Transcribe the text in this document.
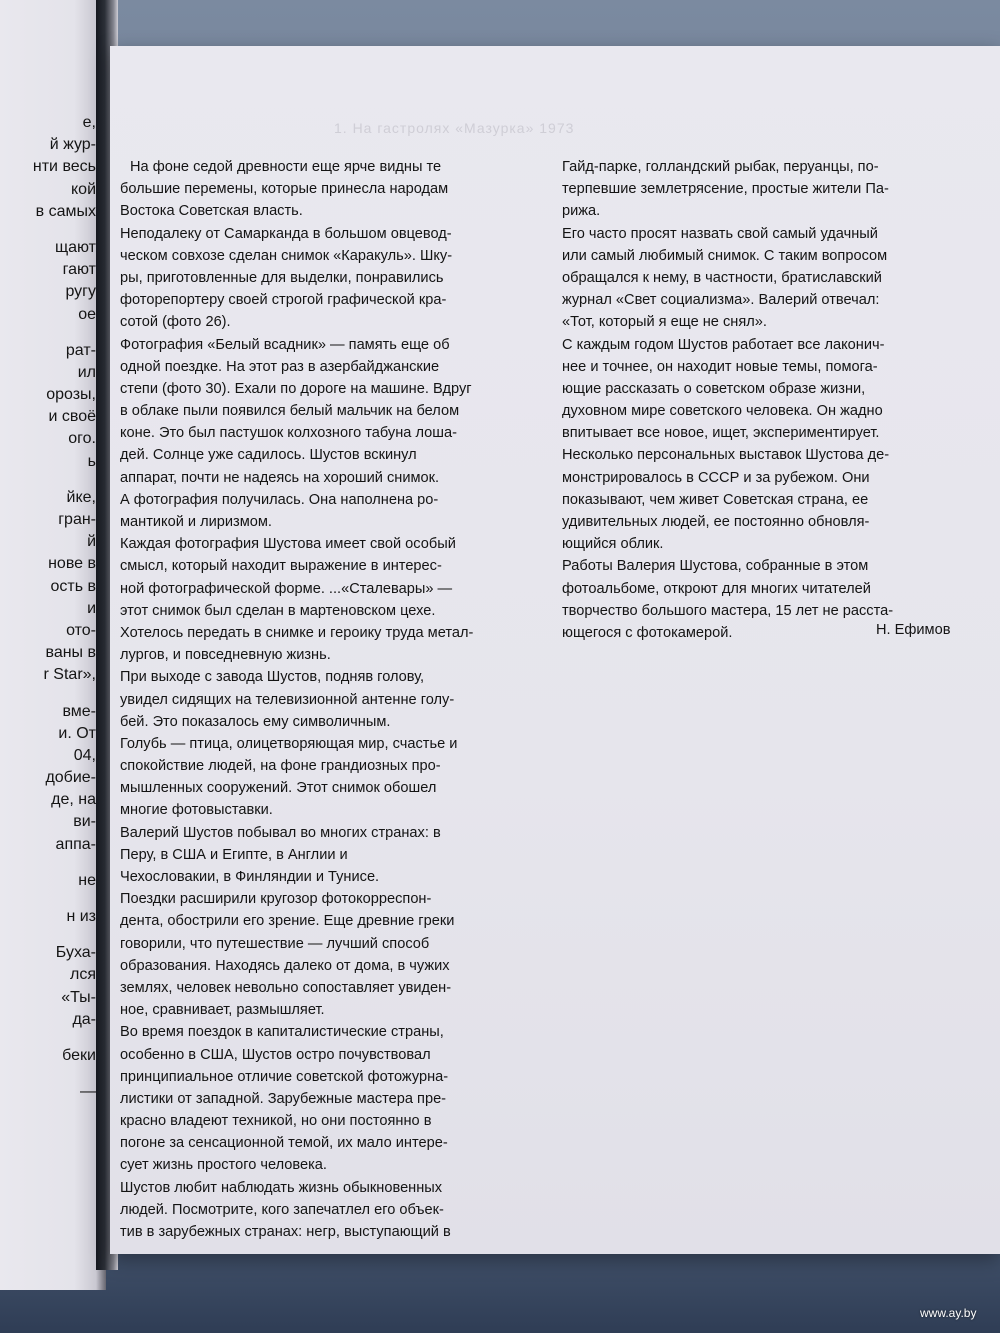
е,
й жур-
нти весь
кой
в самых
щают
гают
ругу
ое
рат-
ил
орозы,
и своё
ого.
ь
йке,
гран-
й
нове в
ость в
и
ото-
ваны в
r Star»,
вме-
и. От
04,
добие-
де, на
ви-
аппа-
не
н из
Буха-
лся
«Ты-
да-
беки
—
1. На гастролях «Мазурка» 1973
На фоне седой древности еще ярче видны те
большие перемены, которые принесла народам
Востока Советская власть.
Неподалеку от Самарканда в большом овцевод-
ческом совхозе сделан снимок «Каракуль». Шку-
ры, приготовленные для выделки, понравились
фоторепортеру своей строгой графической кра-
сотой (фото 26).
Фотография «Белый всадник» — память еще об
одной поездке. На этот раз в азербайджанские
степи (фото 30). Ехали по дороге на машине. Вдруг
в облаке пыли появился белый мальчик на белом
коне. Это был пастушок колхозного табуна лоша-
дей. Солнце уже садилось. Шустов вскинул
аппарат, почти не надеясь на хороший снимок.
А фотография получилась. Она наполнена ро-
мантикой и лиризмом.
Каждая фотография Шустова имеет свой особый
смысл, который находит выражение в интерес-
ной фотографической форме. ...«Сталевары» —
этот снимок был сделан в мартеновском цехе.
Хотелось передать в снимке и героику труда метал-
лургов, и повседневную жизнь.
При выходе с завода Шустов, подняв голову,
увидел сидящих на телевизионной антенне голу-
бей. Это показалось ему символичным.
Голубь — птица, олицетворяющая мир, счастье и
спокойствие людей, на фоне грандиозных про-
мышленных сооружений. Этот снимок обошел
многие фотовыставки.
Валерий Шустов побывал во многих странах: в
Перу, в США и Египте, в Англии и
Чехословакии, в Финляндии и Тунисе.
Поездки расширили кругозор фотокорреспон-
дента, обострили его зрение. Еще древние греки
говорили, что путешествие — лучший способ
образования. Находясь далеко от дома, в чужих
землях, человек невольно сопоставляет увиден-
ное, сравнивает, размышляет.
Во время поездок в капиталистические страны,
особенно в США, Шустов остро почувствовал
принципиальное отличие советской фотожурна-
листики от западной. Зарубежные мастера пре-
красно владеют техникой, но они постоянно в
погоне за сенсационной темой, их мало интере-
сует жизнь простого человека.
Шустов любит наблюдать жизнь обыкновенных
людей. Посмотрите, кого запечатлел его объек-
тив в зарубежных странах: негр, выступающий в
Гайд-парке, голландский рыбак, перуанцы, по-
терпевшие землетрясение, простые жители Па-
рижа.
Его часто просят назвать свой самый удачный
или самый любимый снимок. С таким вопросом
обращался к нему, в частности, братиславский
журнал «Свет социализма». Валерий отвечал:
«Тот, который я еще не снял».
С каждым годом Шустов работает все лаконич-
нее и точнее, он находит новые темы, помога-
ющие рассказать о советском образе жизни,
духовном мире советского человека. Он жадно
впитывает все новое, ищет, экспериментирует.
Несколько персональных выставок Шустова де-
монстрировалось в СССР и за рубежом. Они
показывают, чем живет Советская страна, ее
удивительных людей, ее постоянно обновля-
ющийся облик.
Работы Валерия Шустова, собранные в этом
фотоальбоме, откроют для многих читателей
творчество большого мастера, 15 лет не расста-
ющегося с фотокамерой.	Н. Ефимов
www.ay.by
